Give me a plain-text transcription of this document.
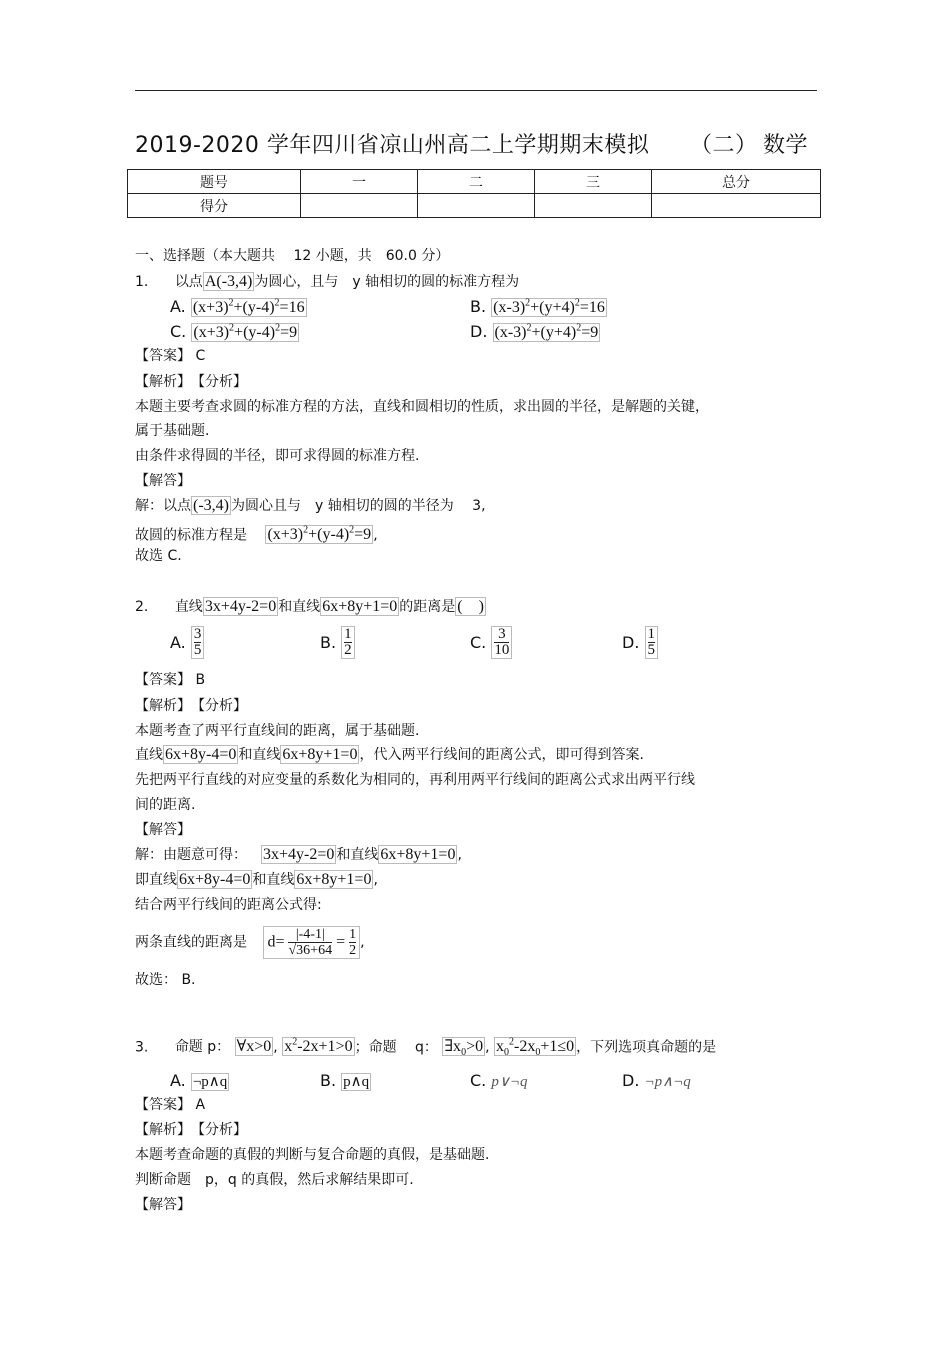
2019-2020 学年四川省凉山州高二上学期期末模拟 （二） 数学
题号	一	二	三	总分
得分				
一、选择题（本大题共　 12 小题，共　60.0 分）
1. 以点 A(-3,4) 为圆心，且与　y 轴相切的圆的标准方程为
A. $(x+3)^2+(y-4)^2=16$	B. $(x-3)^2+(y+4)^2=16$
C. $(x+3)^2+(y-4)^2=9$	D. $(x-3)^2+(y+4)^2=9$
【答案】 C
【解析】　【分析】
本题主要考查求圆的标准方程的方法，直线和圆相切的性质，求出圆的半径，是解题的关键，
属于基础题.
由条件求得圆的半径，即可求得圆的标准方程.
【解答】
解：以点 (-3,4) 为圆心且与　y 轴相切的圆的半径为　 3,
故圆的标准方程是 $(x+3)^2+(y-4)^2=9$ ,
故选 C.
2. 直线 3x+4y-2=0 和直线 6x+8y+1=0 的距离是 (　)
A. $\frac{3}{5}$	B. $\frac{1}{2}$	C. $\frac{3}{10}$	D. $\frac{1}{5}$
【答案】 B
【解析】　【分析】
本题考查了两平行直线间的距离，属于基础题.
直线 6x+8y-4=0 和直线 6x+8y+1=0 ，代入两平行线间的距离公式，即可得到答案.
先把两平行直线的对应变量的系数化为相同的，再利用两平行线间的距离公式求出两平行线
间的距离.
【解答】
解：由题意可得： 3x+4y-2=0 和直线 6x+8y+1=0 ,
即直线 6x+8y-4=0 和直线 6x+8y+1=0 ,
结合两平行线间的距离公式得:
两条直线的距离是 $d= \frac{|-4-1|}{√36+64} = \frac{1}{2}$ ,
故选： B.
3. 命题 p： ∀x>0 , $x^2-2x+1>0$ ；命题　 q： $\exists x_0>0$ , $x_0^2-2x_0+1\le 0$ ，下列选项真命题的是
A. ¬p∧q	B. p∧q	C. p∨¬q	D. ¬p∧¬q
【答案】 A
【解析】　【分析】
本题考查命题的真假的判断与复合命题的真假，是基础题.
判断命题　p，q 的真假，然后求解结果即可.
【解答】
